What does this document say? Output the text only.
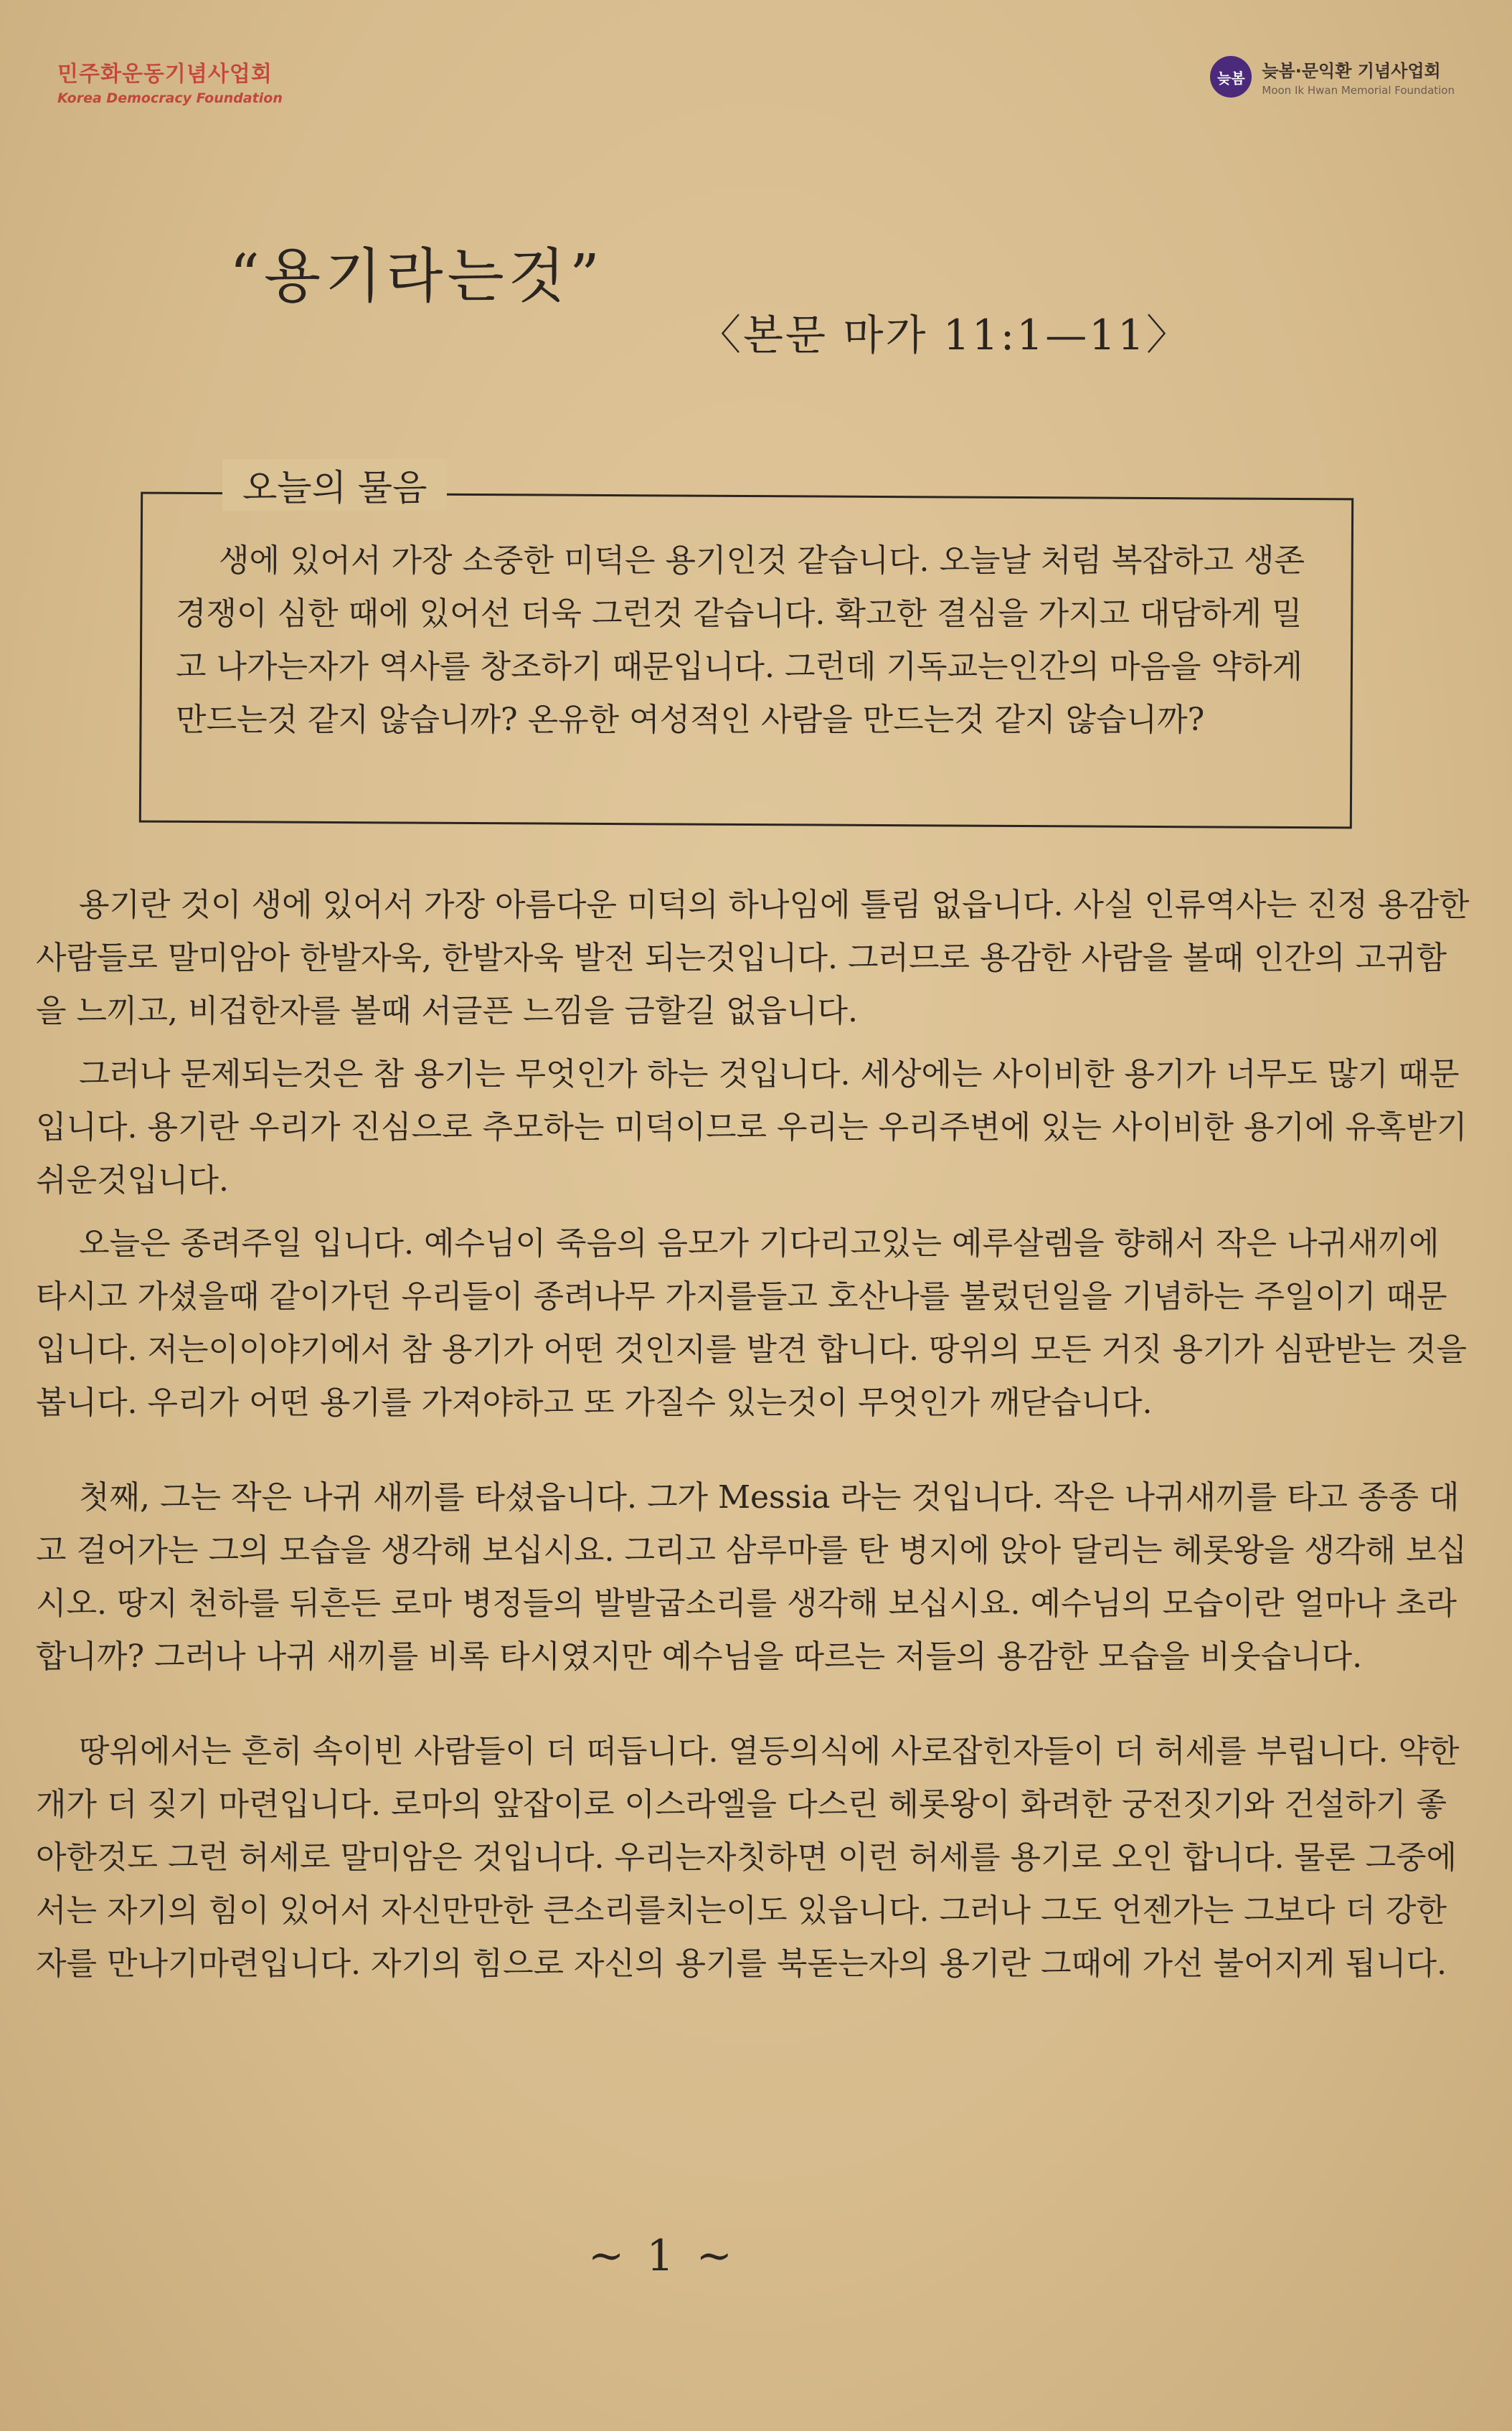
민주화운동기념사업회
Korea Democracy Foundation
늦봄 늦봄·문익환 기념사업회
Moon Ik Hwan Memorial Foundation
“용기라는것”
〈본문 마가 11:1—11〉
오늘의 물음

생에 있어서 가장 소중한 미덕은 용기인것 같습니다. 오늘날 처럼 복잡하고 생존경쟁이 심한 때에 있어선 더욱 그런것 같습니다. 확고한 결심을 가지고 대담하게 밀고 나가는자가 역사를 창조하기 때문입니다. 그런데 기독교는인간의 마음을 약하게 만드는것 같지 않습니까? 온유한 여성적인 사람을 만드는것 같지 않습니까?

용기란 것이 생에 있어서 가장 아름다운 미덕의 하나임에 틀림 없읍니다. 사실 인류역사는 진정 용감한 사람들로 말미암아 한발자욱, 한발자욱 발전 되는것입니다. 그러므로 용감한 사람을 볼때 인간의 고귀함을 느끼고, 비겁한자를 볼때 서글픈 느낌을 금할길 없읍니다.

그러나 문제되는것은 참 용기는 무엇인가 하는 것입니다. 세상에는 사이비한 용기가 너무도 많기 때문입니다. 용기란 우리가 진심으로 추모하는 미덕이므로 우리는 우리주변에 있는 사이비한 용기에 유혹받기 쉬운것입니다.

오늘은 종려주일 입니다. 예수님이 죽음의 음모가 기다리고있는 예루살렘을 향해서 작은 나귀새끼에 타시고 가셨을때 같이가던 우리들이 종려나무 가지를들고 호산나를 불렀던일을 기념하는 주일이기 때문입니다. 저는이이야기에서 참 용기가 어떤 것인지를 발견 합니다. 땅위의 모든 거짓 용기가 심판받는 것을 봅니다. 우리가 어떤 용기를 가져야하고 또 가질수 있는것이 무엇인가 깨닫습니다.

첫째, 그는 작은 나귀 새끼를 타셨읍니다. 그가 Messia 라는 것입니다. 작은 나귀새끼를 타고 종종 대고 걸어가는 그의 모습을 생각해 보십시요. 그리고 삼루마를 탄 병지에 앉아 달리는 헤롯왕을 생각해 보십시오. 땅지 천하를 뒤흔든 로마 병정들의 발발굽소리를 생각해 보십시요. 예수님의 모습이란 얼마나 초라합니까? 그러나 나귀 새끼를 비록 타시였지만 예수님을 따르는 저들의 용감한 모습을 비웃습니다.

땅위에서는 흔히 속이빈 사람들이 더 떠듭니다. 열등의식에 사로잡힌자들이 더 허세를 부립니다. 약한 개가 더 짖기 마련입니다. 로마의 앞잡이로 이스라엘을 다스린 헤롯왕이 화려한 궁전짓기와 건설하기 좋아한것도 그런 허세로 말미암은 것입니다. 우리는자칫하면 이런 허세를 용기로 오인 합니다. 물론 그중에서는 자기의 힘이 있어서 자신만만한 큰소리를치는이도 있읍니다. 그러나 그도 언젠가는 그보다 더 강한자를 만나기마련입니다. 자기의 힘으로 자신의 용기를 북돋는자의 용기란 그때에 가선 불어지게 됩니다.

~ 1 ~
